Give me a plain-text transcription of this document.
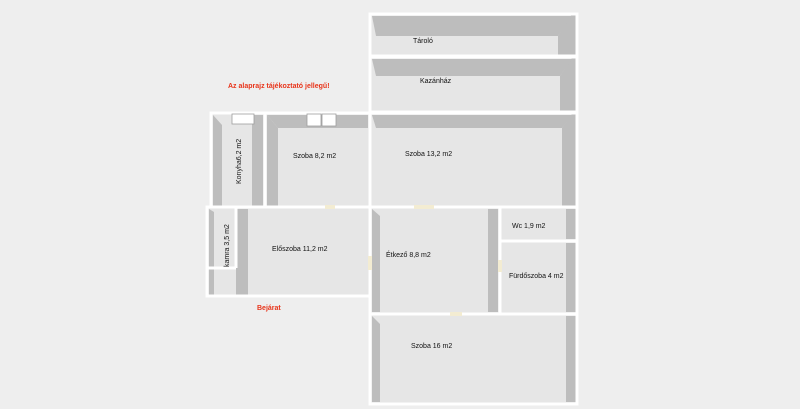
Az alaprajz tájékoztató jellegű!
Bejárat
Tároló
Kazánház
Szoba 8,2 m2	Szoba 13,2 m2
Konyha6,2 m2
Előszoba 11,2 m2
kamra 3,5 m2	Étkező 8,8 m2
Wc 1,9 m2
Fürdőszoba 4 m2
Szoba 16 m2
